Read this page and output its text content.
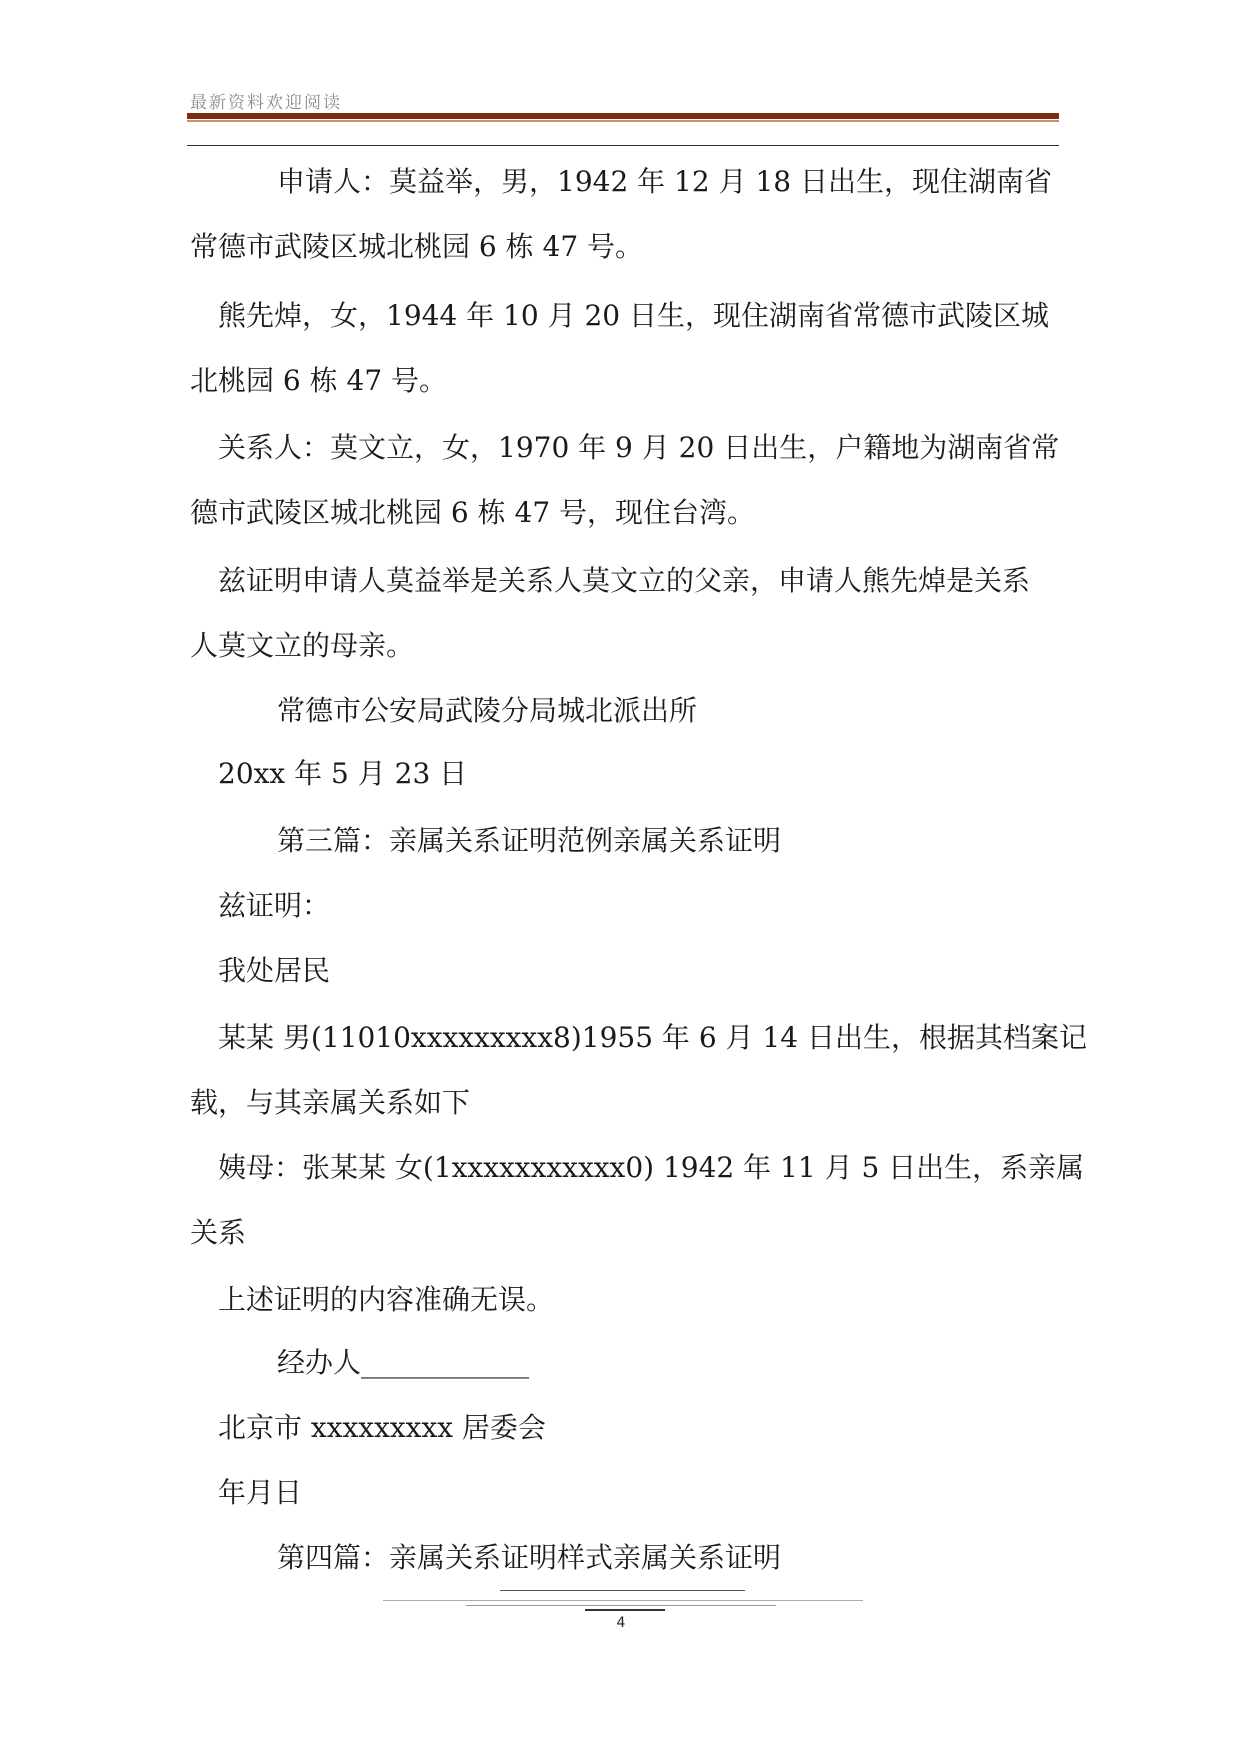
最新资料欢迎阅读
申请人：莫益举，男，1942 年 12 月 18 日出生，现住湖南省
常德市武陵区城北桃园 6 栋 47 号。
熊先焯，女，1944 年 10 月 20 日生，现住湖南省常德市武陵区城
北桃园 6 栋 47 号。
关系人：莫文立，女，1970 年 9 月 20 日出生，户籍地为湖南省常
德市武陵区城北桃园 6 栋 47 号，现住台湾。
兹证明申请人莫益举是关系人莫文立的父亲，申请人熊先焯是关系
人莫文立的母亲。
常德市公安局武陵分局城北派出所
20xx 年 5 月 23 日
第三篇：亲属关系证明范例亲属关系证明
兹证明：
我处居民
某某 男(11010xxxxxxxxx8)1955 年 6 月 14 日出生，根据其档案记
载，与其亲属关系如下
姨母：张某某 女(1xxxxxxxxxxx0) 1942 年 11 月 5 日出生，系亲属
关系
上述证明的内容准确无误。
经办人____________
北京市 xxxxxxxxx 居委会
年月日
第四篇：亲属关系证明样式亲属关系证明
4
